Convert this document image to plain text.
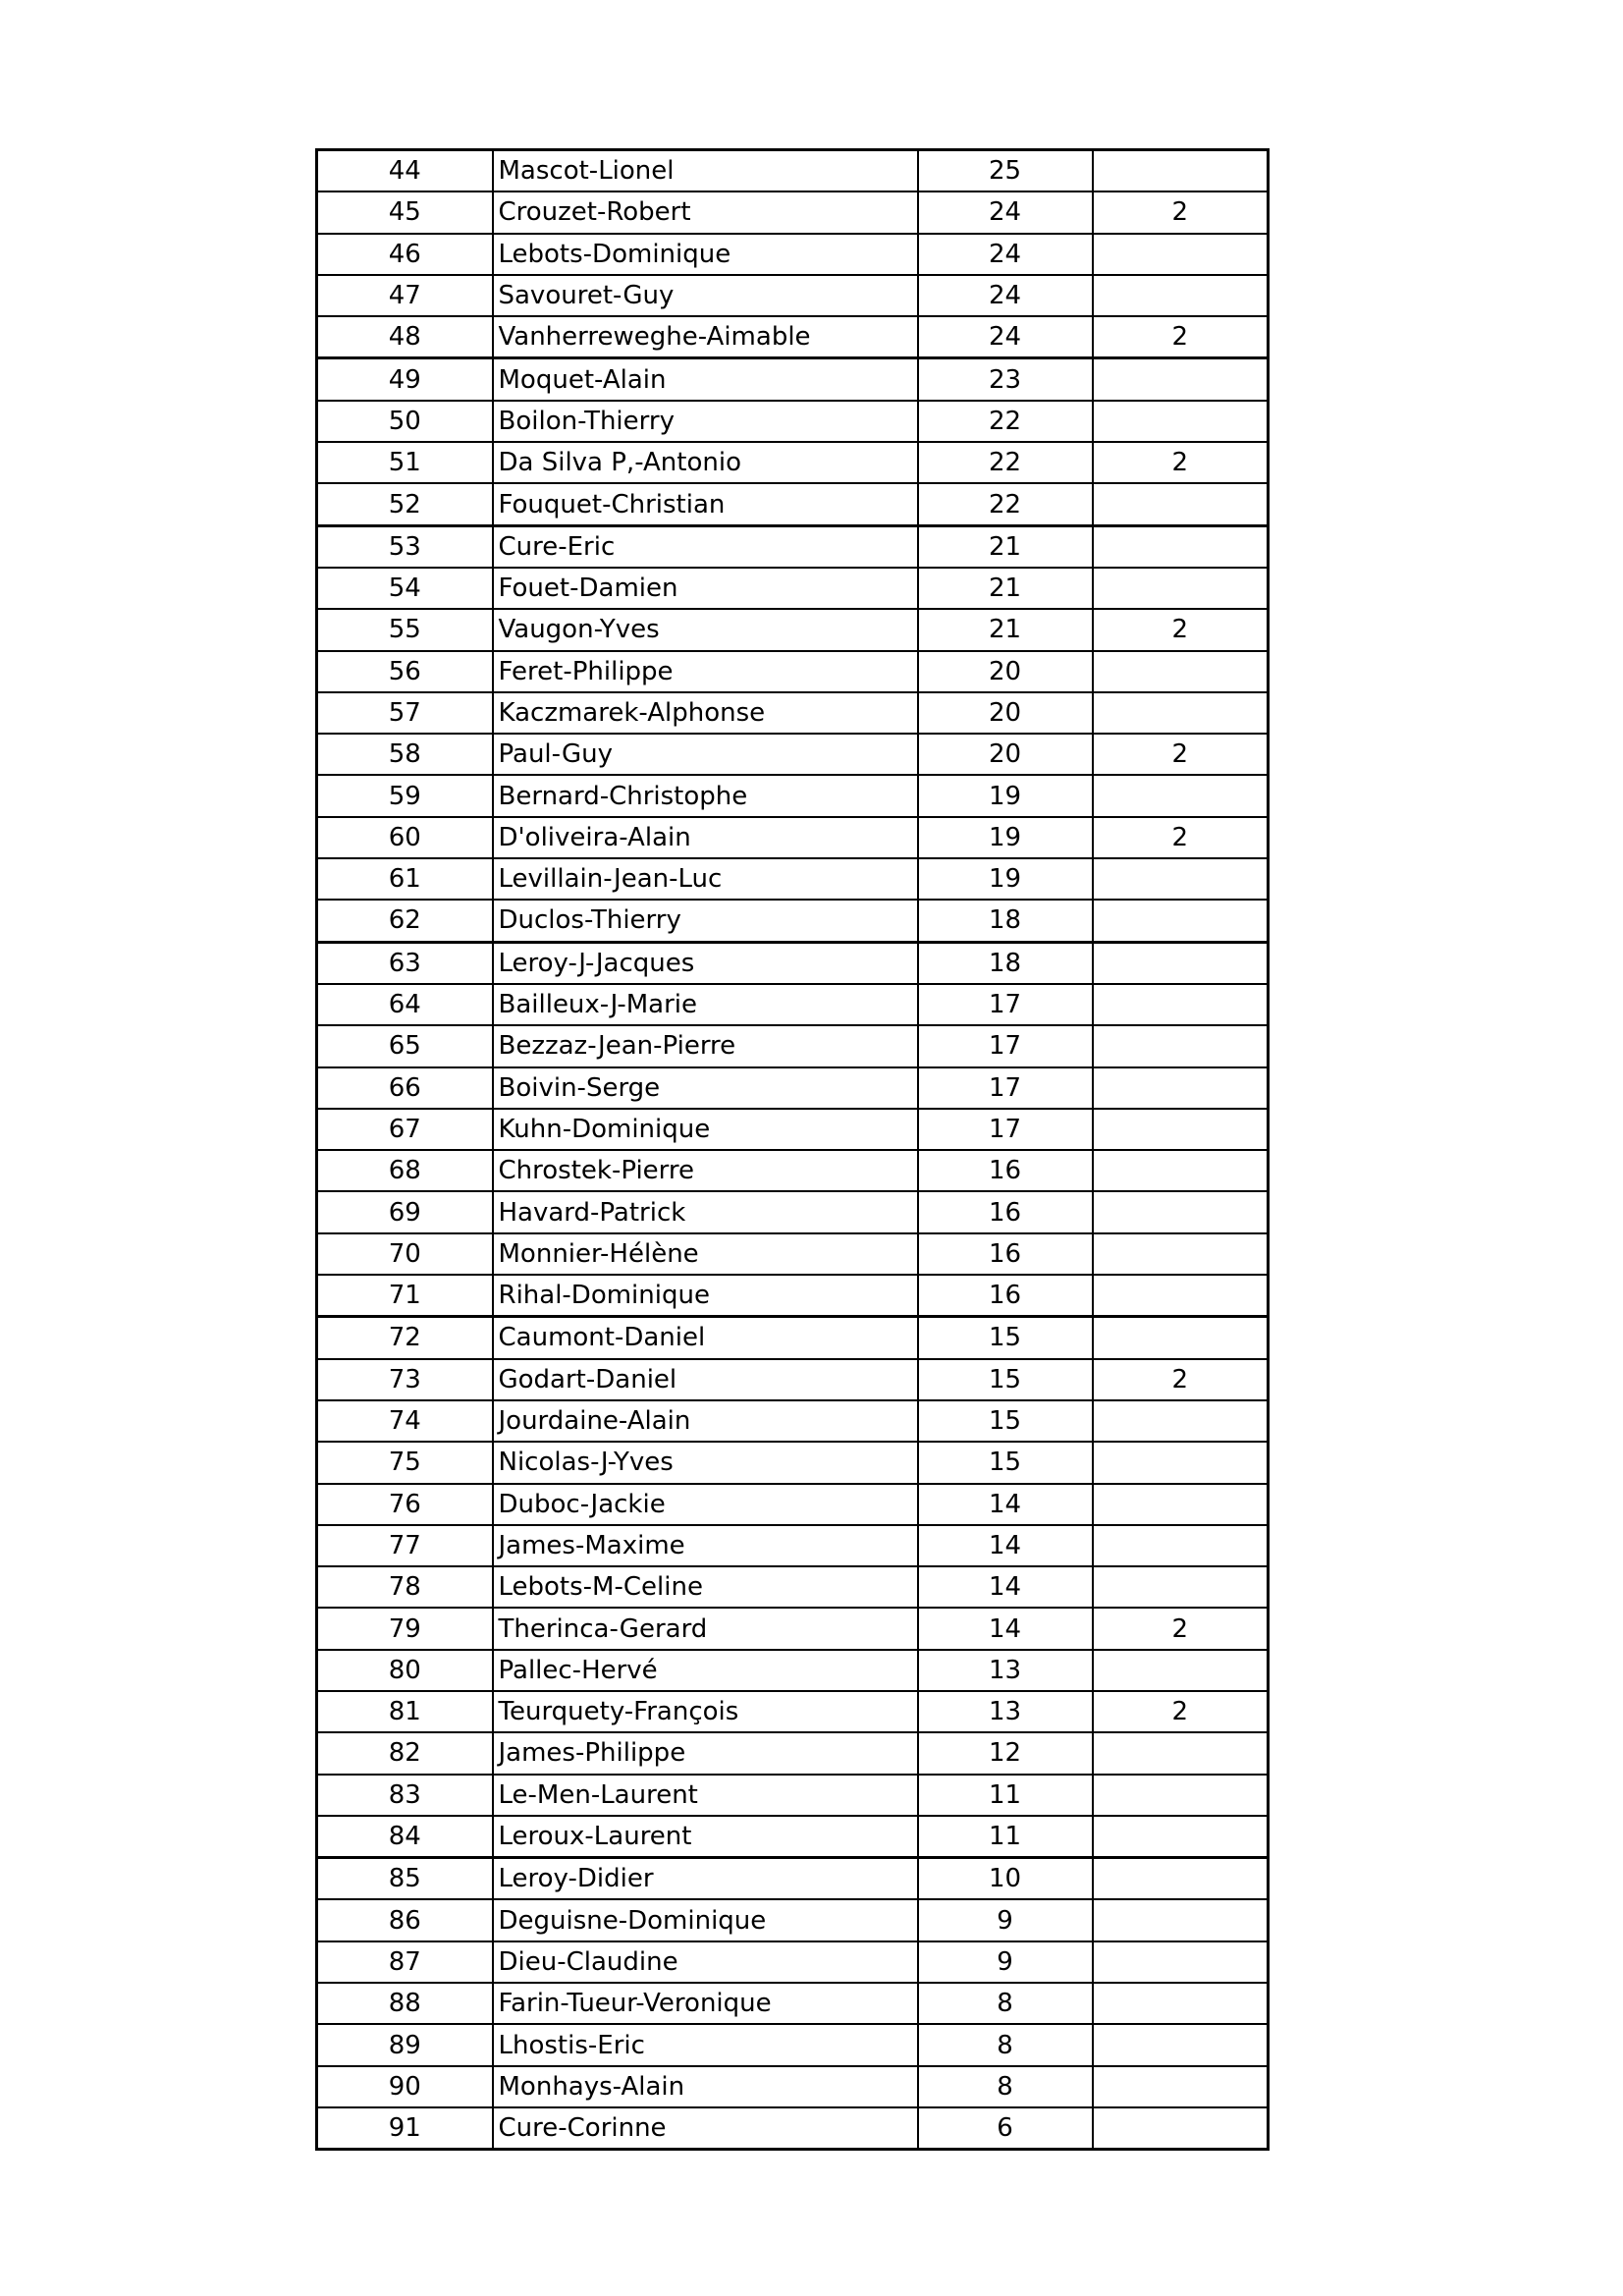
44	Mascot-Lionel	25	
45	Crouzet-Robert	24	2
46	Lebots-Dominique	24	
47	Savouret-Guy	24	
48	Vanherreweghe-Aimable	24	2
49	Moquet-Alain	23	
50	Boilon-Thierry	22	
51	Da Silva P,-Antonio	22	2
52	Fouquet-Christian	22	
53	Cure-Eric	21	
54	Fouet-Damien	21	
55	Vaugon-Yves	21	2
56	Feret-Philippe	20	
57	Kaczmarek-Alphonse	20	
58	Paul-Guy	20	2
59	Bernard-Christophe	19	
60	D'oliveira-Alain	19	2
61	Levillain-Jean-Luc	19	
62	Duclos-Thierry	18	
63	Leroy-J-Jacques	18	
64	Bailleux-J-Marie	17	
65	Bezzaz-Jean-Pierre	17	
66	Boivin-Serge	17	
67	Kuhn-Dominique	17	
68	Chrostek-Pierre	16	
69	Havard-Patrick	16	
70	Monnier-Hélène	16	
71	Rihal-Dominique	16	
72	Caumont-Daniel	15	
73	Godart-Daniel	15	2
74	Jourdaine-Alain	15	
75	Nicolas-J-Yves	15	
76	Duboc-Jackie	14	
77	James-Maxime	14	
78	Lebots-M-Celine	14	
79	Therinca-Gerard	14	2
80	Pallec-Hervé	13	
81	Teurquety-François	13	2
82	James-Philippe	12	
83	Le-Men-Laurent	11	
84	Leroux-Laurent	11	
85	Leroy-Didier	10	
86	Deguisne-Dominique	9	
87	Dieu-Claudine	9	
88	Farin-Tueur-Veronique	8	
89	Lhostis-Eric	8	
90	Monhays-Alain	8	
91	Cure-Corinne	6	
